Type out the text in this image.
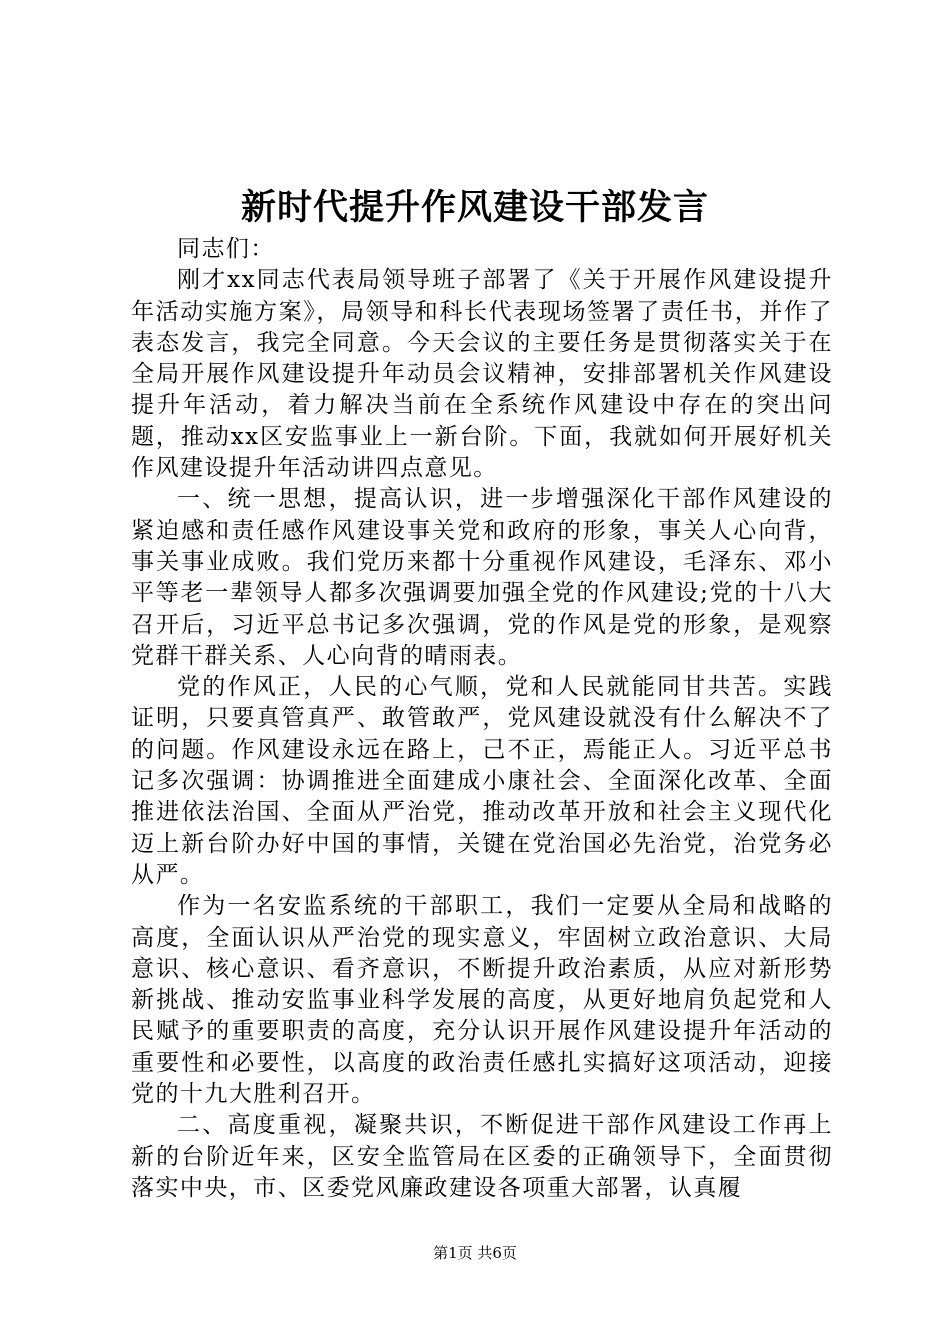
新时代提升作风建设干部发言

同志们：

刚才xx同志代表局领导班子部署了《关于开展作风建设提升年活动实施方案》，局领导和科长代表现场签署了责任书，并作了表态发言，我完全同意。今天会议的主要任务是贯彻落实关于在全局开展作风建设提升年动员会议精神，安排部署机关作风建设提升年活动，着力解决当前在全系统作风建设中存在的突出问题，推动xx区安监事业上一新台阶。下面，我就如何开展好机关作风建设提升年活动讲四点意见。

一、统一思想，提高认识，进一步增强深化干部作风建设的紧迫感和责任感作风建设事关党和政府的形象，事关人心向背，事关事业成败。我们党历来都十分重视作风建设，毛泽东、邓小平等老一辈领导人都多次强调要加强全党的作风建设;党的十八大召开后，习近平总书记多次强调，党的作风是党的形象，是观察党群干群关系、人心向背的晴雨表。

党的作风正，人民的心气顺，党和人民就能同甘共苦。实践证明，只要真管真严、敢管敢严，党风建设就没有什么解决不了的问题。作风建设永远在路上，己不正，焉能正人。习近平总书记多次强调：协调推进全面建成小康社会、全面深化改革、全面推进依法治国、全面从严治党，推动改革开放和社会主义现代化迈上新台阶办好中国的事情，关键在党治国必先治党，治党务必从严。

作为一名安监系统的干部职工，我们一定要从全局和战略的高度，全面认识从严治党的现实意义，牢固树立政治意识、大局意识、核心意识、看齐意识，不断提升政治素质，从应对新形势新挑战、推动安监事业科学发展的高度，从更好地肩负起党和人民赋予的重要职责的高度，充分认识开展作风建设提升年活动的重要性和必要性，以高度的政治责任感扎实搞好这项活动，迎接党的十九大胜利召开。

二、高度重视，凝聚共识，不断促进干部作风建设工作再上新的台阶近年来，区安全监管局在区委的正确领导下，全面贯彻落实中央，市、区委党风廉政建设各项重大部署，认真履

第1页 共6页
